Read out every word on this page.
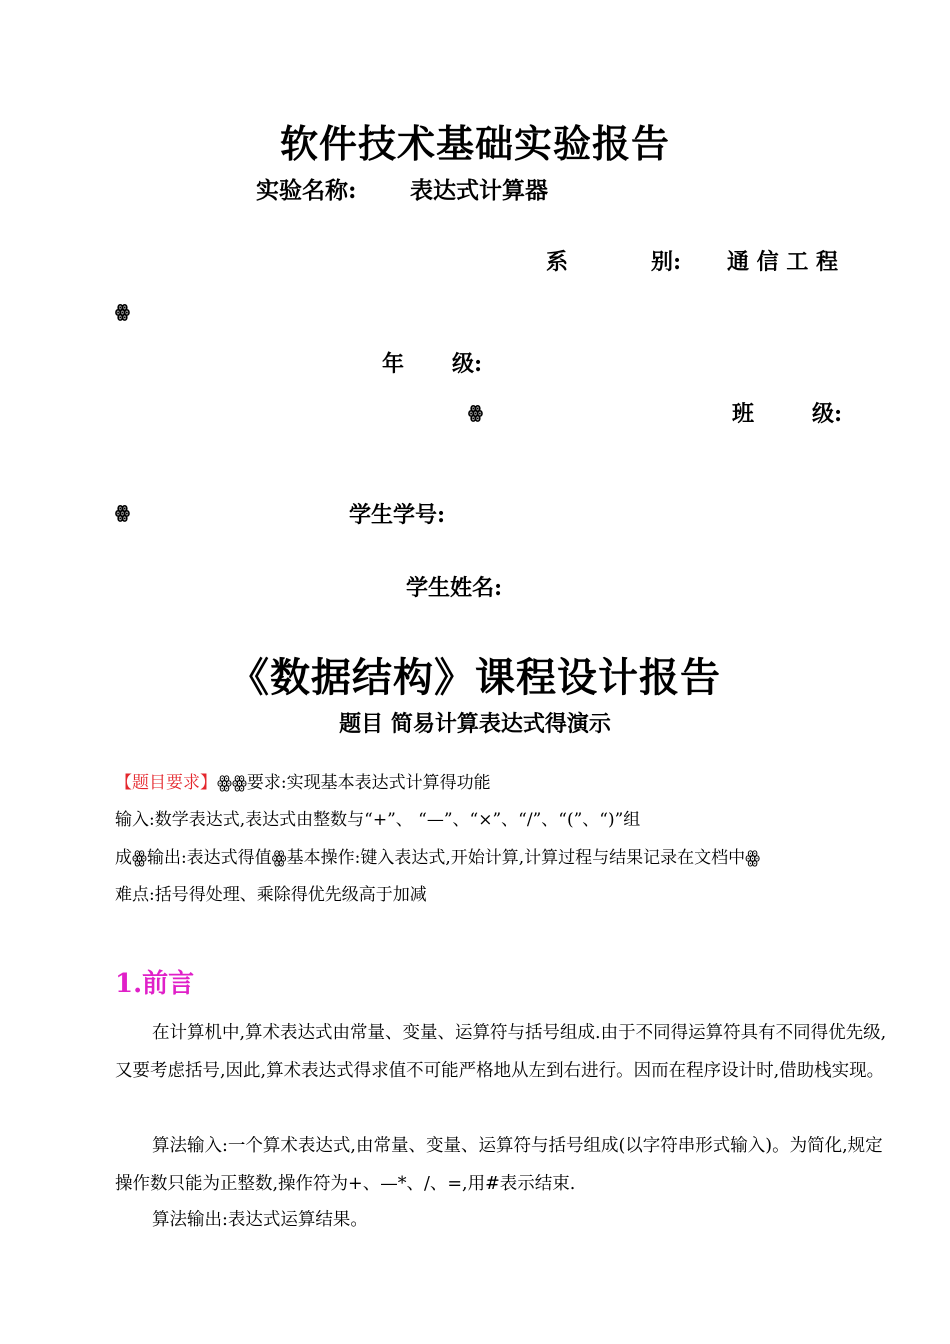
软件技术基础实验报告
实验名称: 表达式计算器
系	别: 通 信 工 程
ꙮ
年 级:
ꙮ	班	级:
ꙮ	学生学号:
学生姓名:
《数据结构》课程设计报告
题目 简易计算表达式得演示
【题目要求】ꙮꙮ要求:实现基本表达式计算得功能
输入:数学表达式,表达式由整数与“+”、 “—”、“×”、“/”、“(”、“)”组
成ꙮ输出:表达式得值ꙮ基本操作:键入表达式,开始计算,计算过程与结果记录在文档中ꙮ
难点:括号得处理、乘除得优先级高于加减
1.前言
在计算机中,算术表达式由常量、变量、运算符与括号组成.由于不同得运算符具有不同得优先级,又要考虑括号,因此,算术表达式得求值不可能严格地从左到右进行。因而在程序设计时,借助栈实现。
算法输入:一个算术表达式,由常量、变量、运算符与括号组成(以字符串形式输入)。为简化,规定操作数只能为正整数,操作符为+、—*、/、=,用#表示结束.
算法输出:表达式运算结果。
